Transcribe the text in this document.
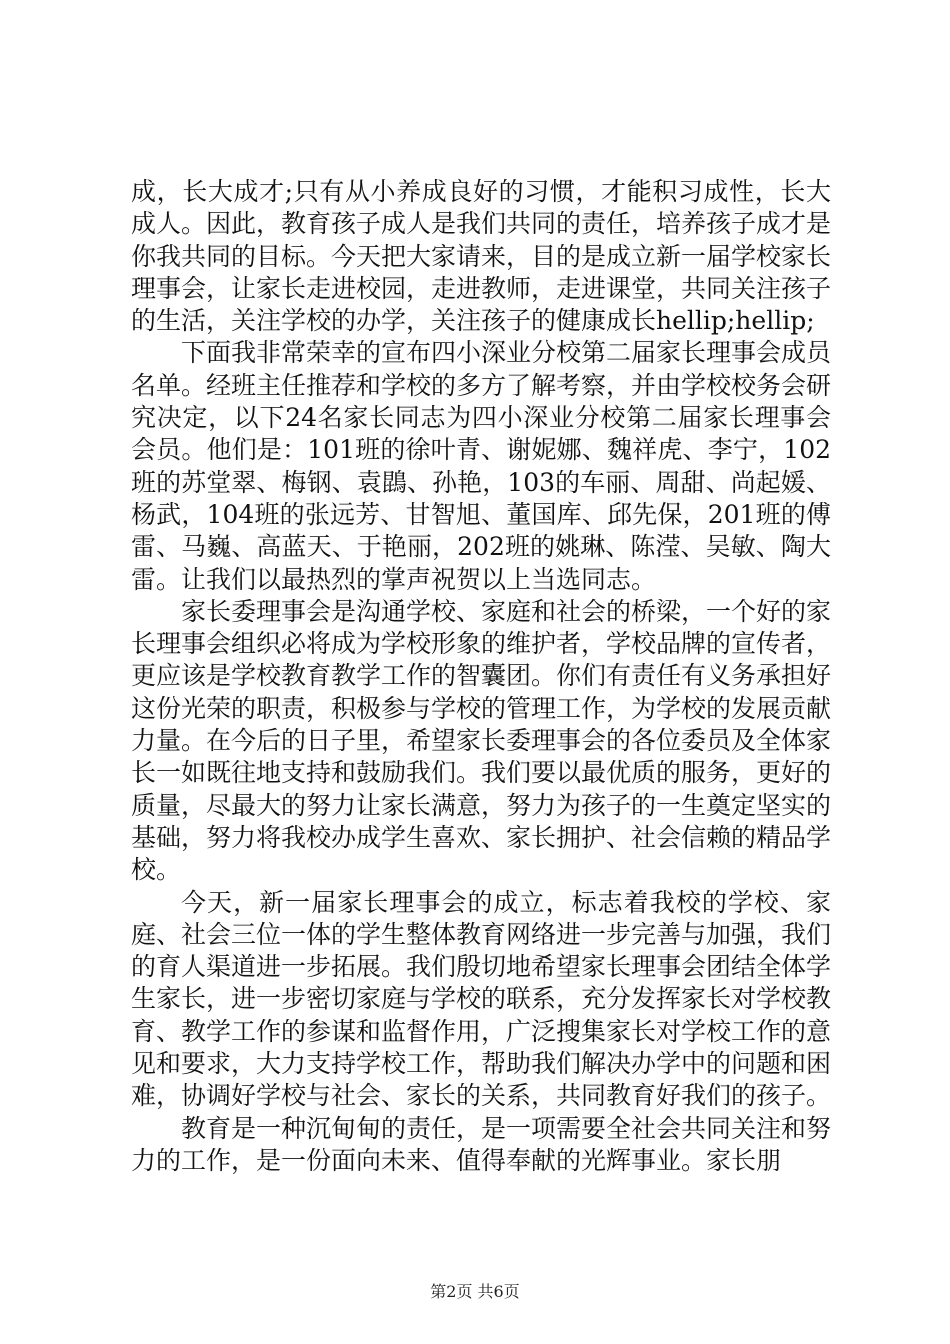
成，长大成才;只有从小养成良好的习惯，才能积习成性，长大成人。因此，教育孩子成人是我们共同的责任，培养孩子成才是你我共同的目标。今天把大家请来，目的是成立新一届学校家长理事会，让家长走进校园，走进教师，走进课堂，共同关注孩子的生活，关注学校的办学，关注孩子的健康成长hellip;hellip;

下面我非常荣幸的宣布四小深业分校第二届家长理事会成员名单。经班主任推荐和学校的多方了解考察，并由学校校务会研究决定，以下24名家长同志为四小深业分校第二届家长理事会会员。他们是：101班的徐叶青、谢妮娜、魏祥虎、李宁，102班的苏堂翠、梅钢、袁鵾、孙艳，103的车丽、周甜、尚起媛、杨武，104班的张远芳、甘智旭、董国库、邱先保，201班的傅雷、马巍、高蓝天、于艳丽，202班的姚琳、陈滢、吴敏、陶大雷。让我们以最热烈的掌声祝贺以上当选同志。

家长委理事会是沟通学校、家庭和社会的桥梁，一个好的家长理事会组织必将成为学校形象的维护者，学校品牌的宣传者，更应该是学校教育教学工作的智囊团。你们有责任有义务承担好这份光荣的职责，积极参与学校的管理工作，为学校的发展贡献力量。在今后的日子里，希望家长委理事会的各位委员及全体家长一如既往地支持和鼓励我们。我们要以最优质的服务，更好的质量，尽最大的努力让家长满意，努力为孩子的一生奠定坚实的基础，努力将我校办成学生喜欢、家长拥护、社会信赖的精品学校。

今天，新一届家长理事会的成立，标志着我校的学校、家庭、社会三位一体的学生整体教育网络进一步完善与加强，我们的育人渠道进一步拓展。我们殷切地希望家长理事会团结全体学生家长，进一步密切家庭与学校的联系，充分发挥家长对学校教育、教学工作的参谋和监督作用，广泛搜集家长对学校工作的意见和要求，大力支持学校工作，帮助我们解决办学中的问题和困难，协调好学校与社会、家长的关系，共同教育好我们的孩子。

教育是一种沉甸甸的责任，是一项需要全社会共同关注和努力的工作，是一份面向未来、值得奉献的光辉事业。家长朋

第2页 共6页
